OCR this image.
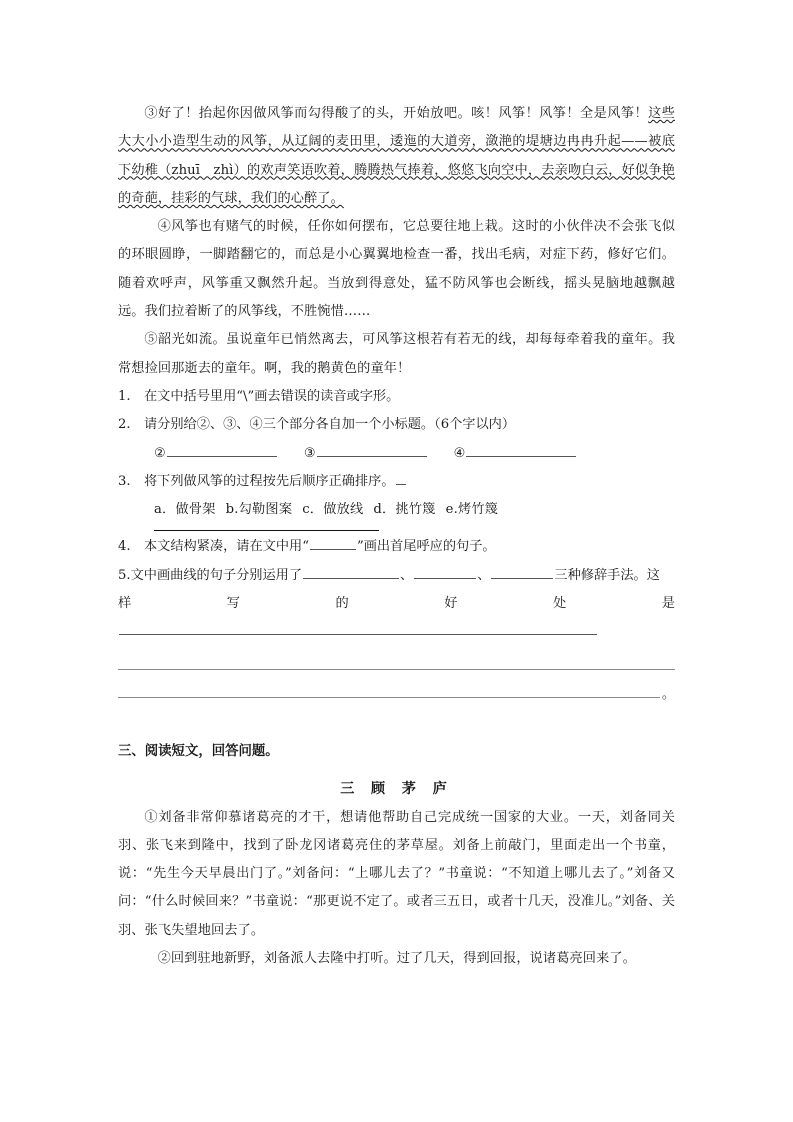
③好了！抬起你因做风筝而勾得酸了的头，开始放吧。咳！风筝！风筝！全是风筝！这些大大小小造型生动的风筝，从辽阔的麦田里，逶迤的大道旁，潋滟的堤塘边冉冉升起——被底下幼稚（zhuī　zhì）的欢声笑语吹着，腾腾热气捧着，悠悠飞向空中，去亲吻白云，好似争艳的奇葩，挂彩的气球，我们的心醉了。

④风筝也有赌气的时候，任你如何摆布，它总要往地上栽。这时的小伙伴决不会张飞似的环眼圆睁，一脚踏翻它的，而总是小心翼翼地检查一番，找出毛病，对症下药，修好它们。随着欢呼声，风筝重又飘然升起。当放到得意处，猛不防风筝也会断线，摇头晃脑地越飘越远。我们拉着断了的风筝线，不胜惋惜……

⑤韶光如流。虽说童年已悄然离去，可风筝这根若有若无的线，却每每牵着我的童年。我常想捡回那逝去的童年。啊，我的鹅黄色的童年！

1.	在文中括号里用“\”画去错误的读音或字形。
2.	请分别给②、③、④三个部分各自加一个小标题。（6个字以内）
②	③	④
3.	将下列做风筝的过程按先后顺序正确排序。
a．做骨架 b.勾勒图案 c．做放线 d．挑竹篾 e.烤竹篾
4.	本文结构紧凑，请在文中用“	”画出首尾呼应的句子。
5.文中画曲线的句子分别运用了	、	、	三种修辞手法。这
样写的好处是
。

三、阅读短文，回答问题。

三 顾 茅 庐

①刘备非常仰慕诸葛亮的才干，想请他帮助自己完成统一国家的大业。一天，刘备同关羽、张飞来到隆中，找到了卧龙冈诸葛亮住的茅草屋。刘备上前敲门，里面走出一个书童，说：“先生今天早晨出门了。”刘备问：“上哪儿去了？”书童说：“不知道上哪儿去了。”刘备又问：“什么时候回来？”书童说：“那更说不定了。或者三五日，或者十几天，没准儿。”刘备、关羽、张飞失望地回去了。

②回到驻地新野，刘备派人去隆中打听。过了几天，得到回报，说诸葛亮回来了。
